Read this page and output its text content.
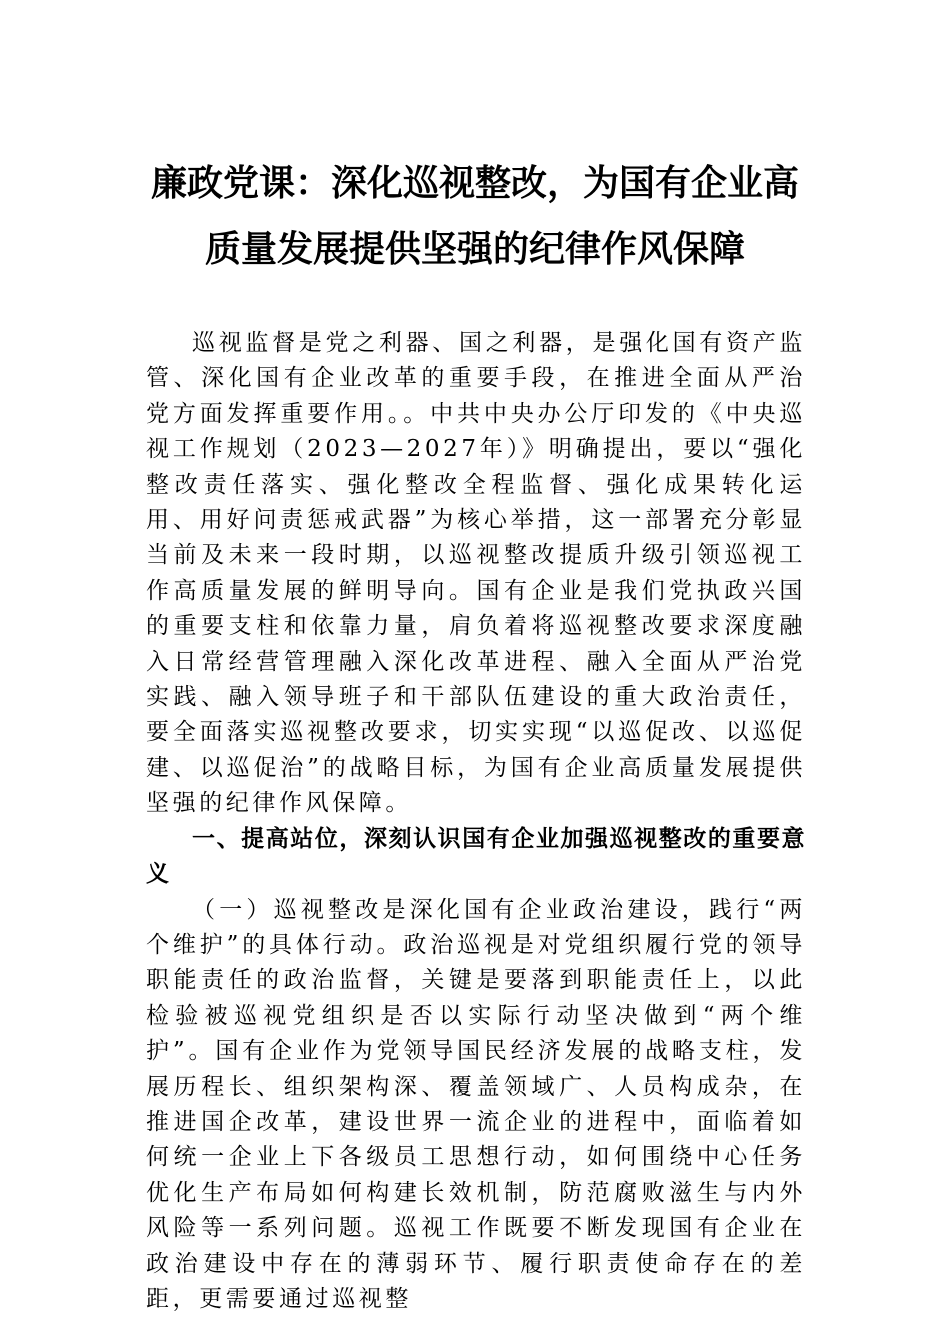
廉政党课：深化巡视整改，为国有企业高
质量发展提供坚强的纪律作风保障

巡视监督是党之利器、国之利器，是强化国有资产监管、深化国有企业改革的重要手段，在推进全面从严治党方面发挥重要作用。。中共中央办公厅印发的《中央巡视工作规划（2023—2027年）》明确提出，要以“强化整改责任落实、强化整改全程监督、强化成果转化运用、用好问责惩戒武器”为核心举措，这一部署充分彰显当前及未来一段时期，以巡视整改提质升级引领巡视工作高质量发展的鲜明导向。国有企业是我们党执政兴国的重要支柱和依靠力量，肩负着将巡视整改要求深度融入日常经营管理融入深化改革进程、融入全面从严治党实践、融入领导班子和干部队伍建设的重大政治责任，要全面落实巡视整改要求，切实实现“以巡促改、以巡促建、以巡促治”的战略目标，为国有企业高质量发展提供坚强的纪律作风保障。

一、提高站位，深刻认识国有企业加强巡视整改的重要意义

（一）巡视整改是深化国有企业政治建设，践行“两个维护”的具体行动。政治巡视是对党组织履行党的领导职能责任的政治监督，关键是要落到职能责任上，以此检验被巡视党组织是否以实际行动坚决做到“两个维护”。国有企业作为党领导国民经济发展的战略支柱，发展历程长、组织架构深、覆盖领域广、人员构成杂，在推进国企改革，建设世界一流企业的进程中，面临着如何统一企业上下各级员工思想行动，如何围绕中心任务优化生产布局如何构建长效机制，防范腐败滋生与内外风险等一系列问题。巡视工作既要不断发现国有企业在政治建设中存在的薄弱环节、履行职责使命存在的差距，更需要通过巡视整
